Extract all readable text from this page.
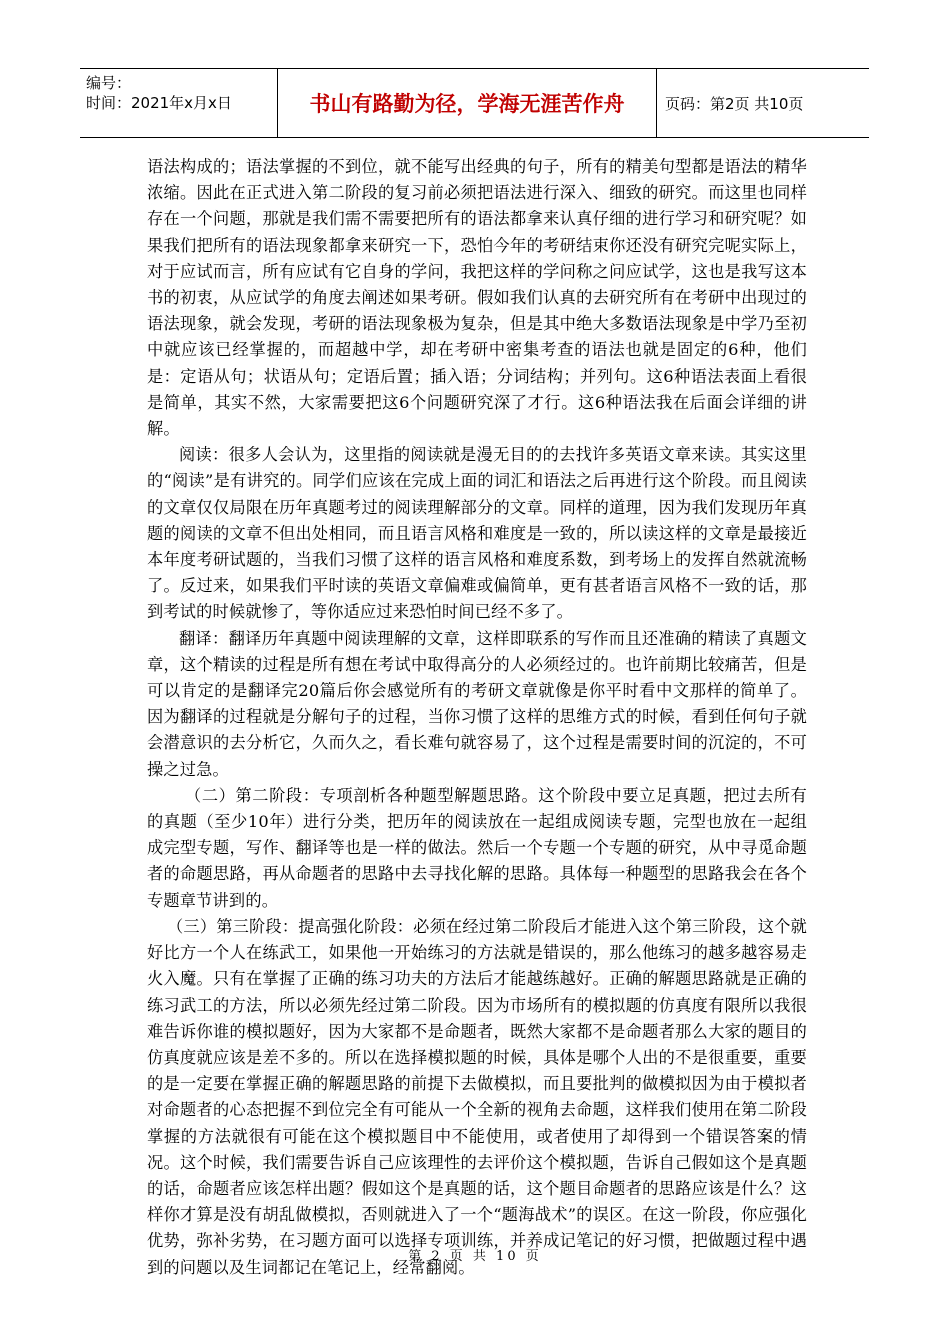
编号：
时间：2021年x月x日	书山有路勤为径，学海无涯苦作舟	页码：第2页 共10页

语法构成的；语法掌握的不到位，就不能写出经典的句子，所有的精美句型都是语法的精华浓缩。因此在正式进入第二阶段的复习前必须把语法进行深入、细致的研究。而这里也同样存在一个问题，那就是我们需不需要把所有的语法都拿来认真仔细的进行学习和研究呢？如果我们把所有的语法现象都拿来研究一下，恐怕今年的考研结束你还没有研究完呢实际上，对于应试而言，所有应试有它自身的学问，我把这样的学问称之问应试学，这也是我写这本书的初衷，从应试学的角度去阐述如果考研。假如我们认真的去研究所有在考研中出现过的语法现象，就会发现，考研的语法现象极为复杂，但是其中绝大多数语法现象是中学乃至初中就应该已经掌握的，而超越中学，却在考研中密集考查的语法也就是固定的6种，他们是：定语从句；状语从句；定语后置；插入语；分词结构；并列句。这6种语法表面上看很是简单，其实不然，大家需要把这6个问题研究深了才行。这6种语法我在后面会详细的讲解。

阅读：很多人会认为，这里指的阅读就是漫无目的的去找许多英语文章来读。其实这里的“阅读”是有讲究的。同学们应该在完成上面的词汇和语法之后再进行这个阶段。而且阅读的文章仅仅局限在历年真题考过的阅读理解部分的文章。同样的道理，因为我们发现历年真题的阅读的文章不但出处相同，而且语言风格和难度是一致的，所以读这样的文章是最接近本年度考研试题的，当我们习惯了这样的语言风格和难度系数，到考场上的发挥自然就流畅了。反过来，如果我们平时读的英语文章偏难或偏简单，更有甚者语言风格不一致的话，那到考试的时候就惨了，等你适应过来恐怕时间已经不多了。

翻译：翻译历年真题中阅读理解的文章，这样即联系的写作而且还准确的精读了真题文章，这个精读的过程是所有想在考试中取得高分的人必须经过的。也许前期比较痛苦，但是可以肯定的是翻译完20篇后你会感觉所有的考研文章就像是你平时看中文那样的简单了。因为翻译的过程就是分解句子的过程，当你习惯了这样的思维方式的时候，看到任何句子就会潜意识的去分析它，久而久之，看长难句就容易了，这个过程是需要时间的沉淀的，不可操之过急。

（二）第二阶段：专项剖析各种题型解题思路。这个阶段中要立足真题，把过去所有的真题（至少10年）进行分类，把历年的阅读放在一起组成阅读专题，完型也放在一起组成完型专题，写作、翻译等也是一样的做法。然后一个专题一个专题的研究，从中寻觅命题者的命题思路，再从命题者的思路中去寻找化解的思路。具体每一种题型的思路我会在各个专题章节讲到的。

（三）第三阶段：提高强化阶段：必须在经过第二阶段后才能进入这个第三阶段，这个就好比方一个人在练武工，如果他一开始练习的方法就是错误的，那么他练习的越多越容易走火入魔。只有在掌握了正确的练习功夫的方法后才能越练越好。正确的解题思路就是正确的练习武工的方法，所以必须先经过第二阶段。因为市场所有的模拟题的仿真度有限所以我很难告诉你谁的模拟题好，因为大家都不是命题者，既然大家都不是命题者那么大家的题目的仿真度就应该是差不多的。所以在选择模拟题的时候，具体是哪个人出的不是很重要，重要的是一定要在掌握正确的解题思路的前提下去做模拟，而且要批判的做模拟因为由于模拟者对命题者的心态把握不到位完全有可能从一个全新的视角去命题，这样我们使用在第二阶段掌握的方法就很有可能在这个模拟题目中不能使用，或者使用了却得到一个错误答案的情况。这个时候，我们需要告诉自己应该理性的去评价这个模拟题，告诉自己假如这个是真题的话，命题者应该怎样出题？假如这个是真题的话，这个题目命题者的思路应该是什么？这样你才算是没有胡乱做模拟，否则就进入了一个“题海战术”的误区。在这一阶段，你应强化优势，弥补劣势，在习题方面可以选择专项训练，并养成记笔记的好习惯，把做题过程中遇到的问题以及生词都记在笔记上，经常翻阅。

第 2 页 共 10 页
